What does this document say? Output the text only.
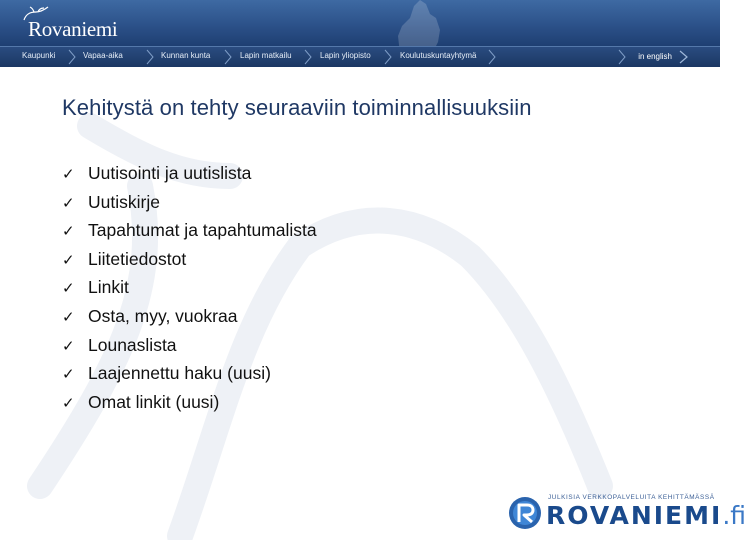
Rovaniemi
Kaupunki	Vapaa-aika	Kunnan kunta	Lapin matkailu	Lapin yliopisto	Koulutuskuntayhtymä	in english
Kehitystä on tehty seuraaviin toiminnallisuuksiin
✓ Uutisointi ja uutislista
✓ Uutiskirje
✓ Tapahtumat ja tapahtumalista
✓ Liitetiedostot
✓ Linkit
✓ Osta, myy, vuokraa
✓ Lounaslista
✓ Laajennettu haku (uusi)
✓ Omat linkit (uusi)
JULKISIA VERKKOPALVELUITA KEHITTÄMÄSSÄ
ROVANIEMI.fi
